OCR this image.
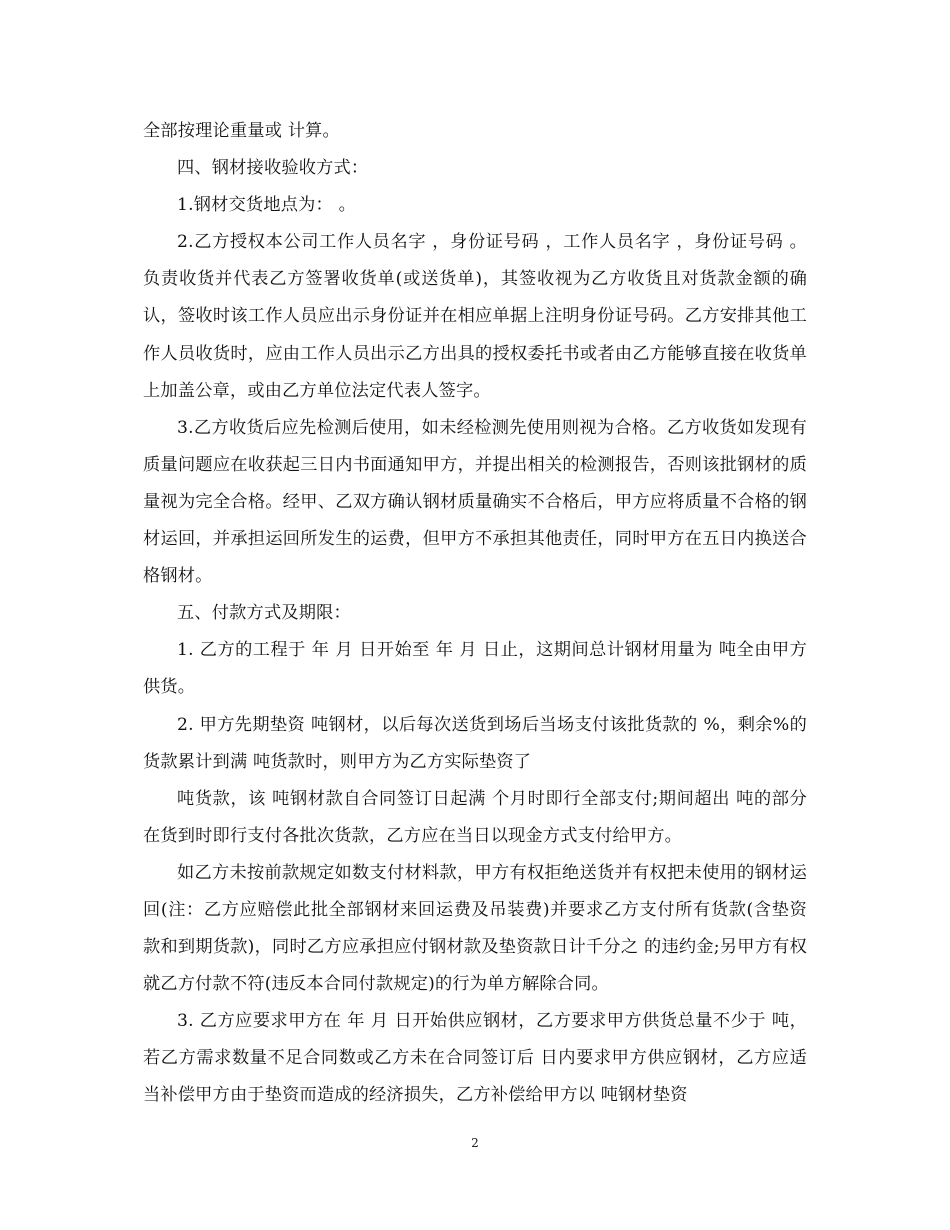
全部按理论重量或 计算。

四、钢材接收验收方式：

1.钢材交货地点为： 。

2.乙方授权本公司工作人员名字 ，身份证号码 ，工作人员名字 ，身份证号码 。负责收货并代表乙方签署收货单(或送货单)，其签收视为乙方收货且对货款金额的确认，签收时该工作人员应出示身份证并在相应单据上注明身份证号码。乙方安排其他工作人员收货时，应由工作人员出示乙方出具的授权委托书或者由乙方能够直接在收货单上加盖公章，或由乙方单位法定代表人签字。

3.乙方收货后应先检测后使用，如未经检测先使用则视为合格。乙方收货如发现有质量问题应在收获起三日内书面通知甲方，并提出相关的检测报告，否则该批钢材的质量视为完全合格。经甲、乙双方确认钢材质量确实不合格后，甲方应将质量不合格的钢材运回，并承担运回所发生的运费，但甲方不承担其他责任，同时甲方在五日内换送合格钢材。

五、付款方式及期限：

1. 乙方的工程于 年 月 日开始至 年 月 日止，这期间总计钢材用量为 吨全由甲方供货。

2. 甲方先期垫资 吨钢材，以后每次送货到场后当场支付该批货款的 %，剩余%的货款累计到满 吨货款时，则甲方为乙方实际垫资了

吨货款，该 吨钢材款自合同签订日起满 个月时即行全部支付;期间超出 吨的部分在货到时即行支付各批次货款，乙方应在当日以现金方式支付给甲方。

如乙方未按前款规定如数支付材料款，甲方有权拒绝送货并有权把未使用的钢材运回(注：乙方应赔偿此批全部钢材来回运费及吊装费)并要求乙方支付所有货款(含垫资款和到期货款)，同时乙方应承担应付钢材款及垫资款日计千分之 的违约金;另甲方有权就乙方付款不符(违反本合同付款规定)的行为单方解除合同。

3. 乙方应要求甲方在 年 月 日开始供应钢材，乙方要求甲方供货总量不少于 吨，若乙方需求数量不足合同数或乙方未在合同签订后 日内要求甲方供应钢材，乙方应适当补偿甲方由于垫资而造成的经济损失，乙方补偿给甲方以 吨钢材垫资

2
